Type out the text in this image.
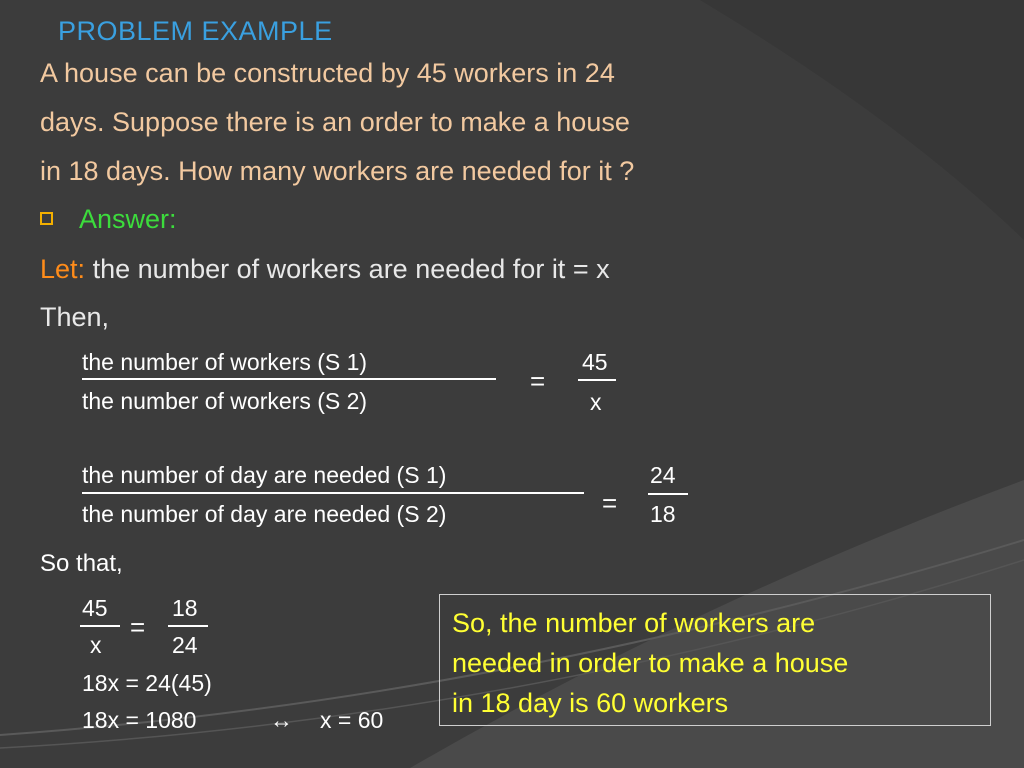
PROBLEM EXAMPLE
A house can be constructed by 45 workers in 24
days. Suppose there is an order to make a house
in 18 days. How many workers are needed for it ?
Answer:
Let: the number of workers are needed for it = x
Then,
the number of workers (S 1)
the number of workers (S 2)
=
45
x
the number of day are needed (S 1)
the number of day are needed (S 2)	=
24
18
So that,
45
x
=
18
24
18x = 24(45)
18x = 1080	↔ x = 60

So, the number of workers are

needed in order to make a house

in 18 day is 60 workers
